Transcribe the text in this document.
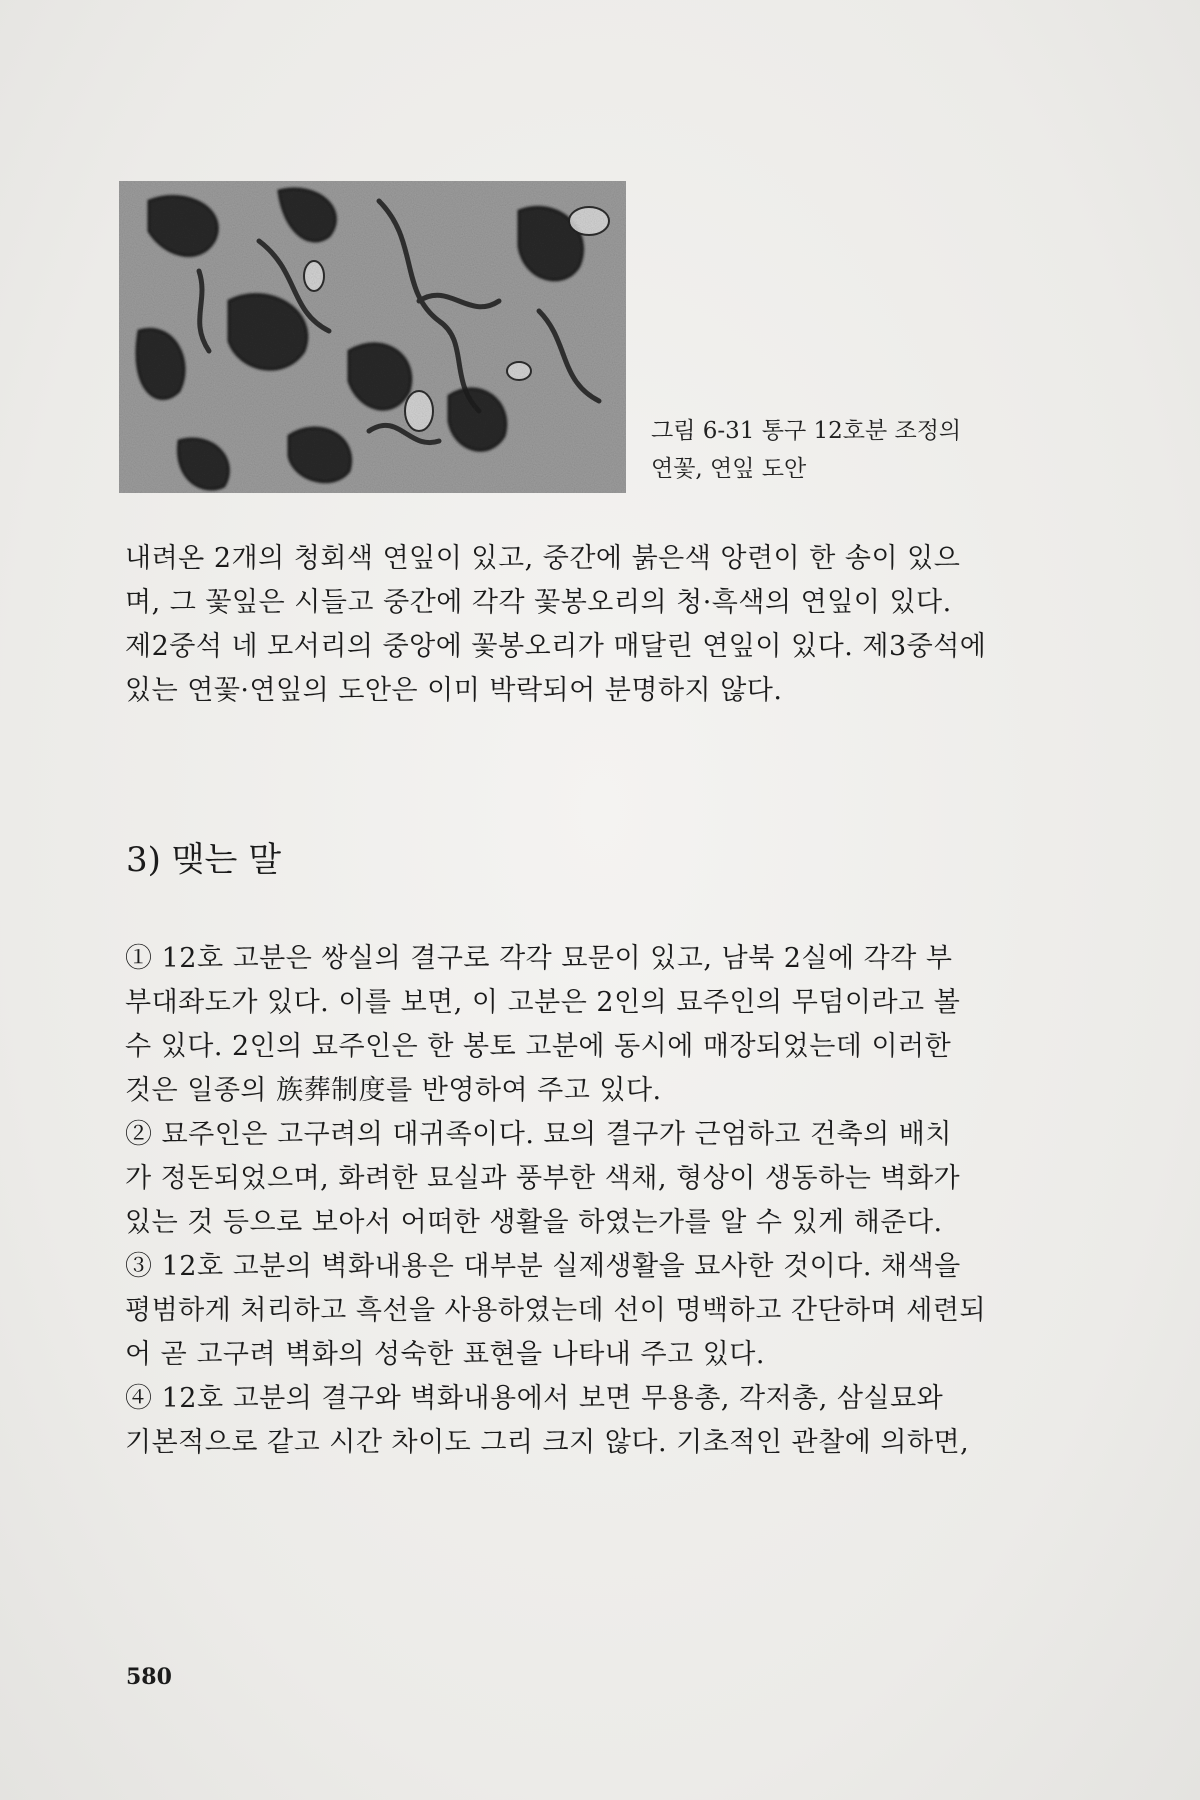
그림 6-31 통구 12호분 조정의
연꽃, 연잎 도안
내려온 2개의 청회색 연잎이 있고, 중간에 붉은색 앙련이 한 송이 있으
며, 그 꽃잎은 시들고 중간에 각각 꽃봉오리의 청·흑색의 연잎이 있다.
제2중석 네 모서리의 중앙에 꽃봉오리가 매달린 연잎이 있다. 제3중석에
있는 연꽃·연잎의 도안은 이미 박락되어 분명하지 않다.
3) 맺는 말
① 12호 고분은 쌍실의 결구로 각각 묘문이 있고, 남북 2실에 각각 부
부대좌도가 있다. 이를 보면, 이 고분은 2인의 묘주인의 무덤이라고 볼
수 있다. 2인의 묘주인은 한 봉토 고분에 동시에 매장되었는데 이러한
것은 일종의 族葬制度를 반영하여 주고 있다.
② 묘주인은 고구려의 대귀족이다. 묘의 결구가 근엄하고 건축의 배치
가 정돈되었으며, 화려한 묘실과 풍부한 색채, 형상이 생동하는 벽화가
있는 것 등으로 보아서 어떠한 생활을 하였는가를 알 수 있게 해준다.
③ 12호 고분의 벽화내용은 대부분 실제생활을 묘사한 것이다. 채색을
평범하게 처리하고 흑선을 사용하였는데 선이 명백하고 간단하며 세련되
어 곧 고구려 벽화의 성숙한 표현을 나타내 주고 있다.
④ 12호 고분의 결구와 벽화내용에서 보면 무용총, 각저총, 삼실묘와
기본적으로 같고 시간 차이도 그리 크지 않다. 기초적인 관찰에 의하면,
580
